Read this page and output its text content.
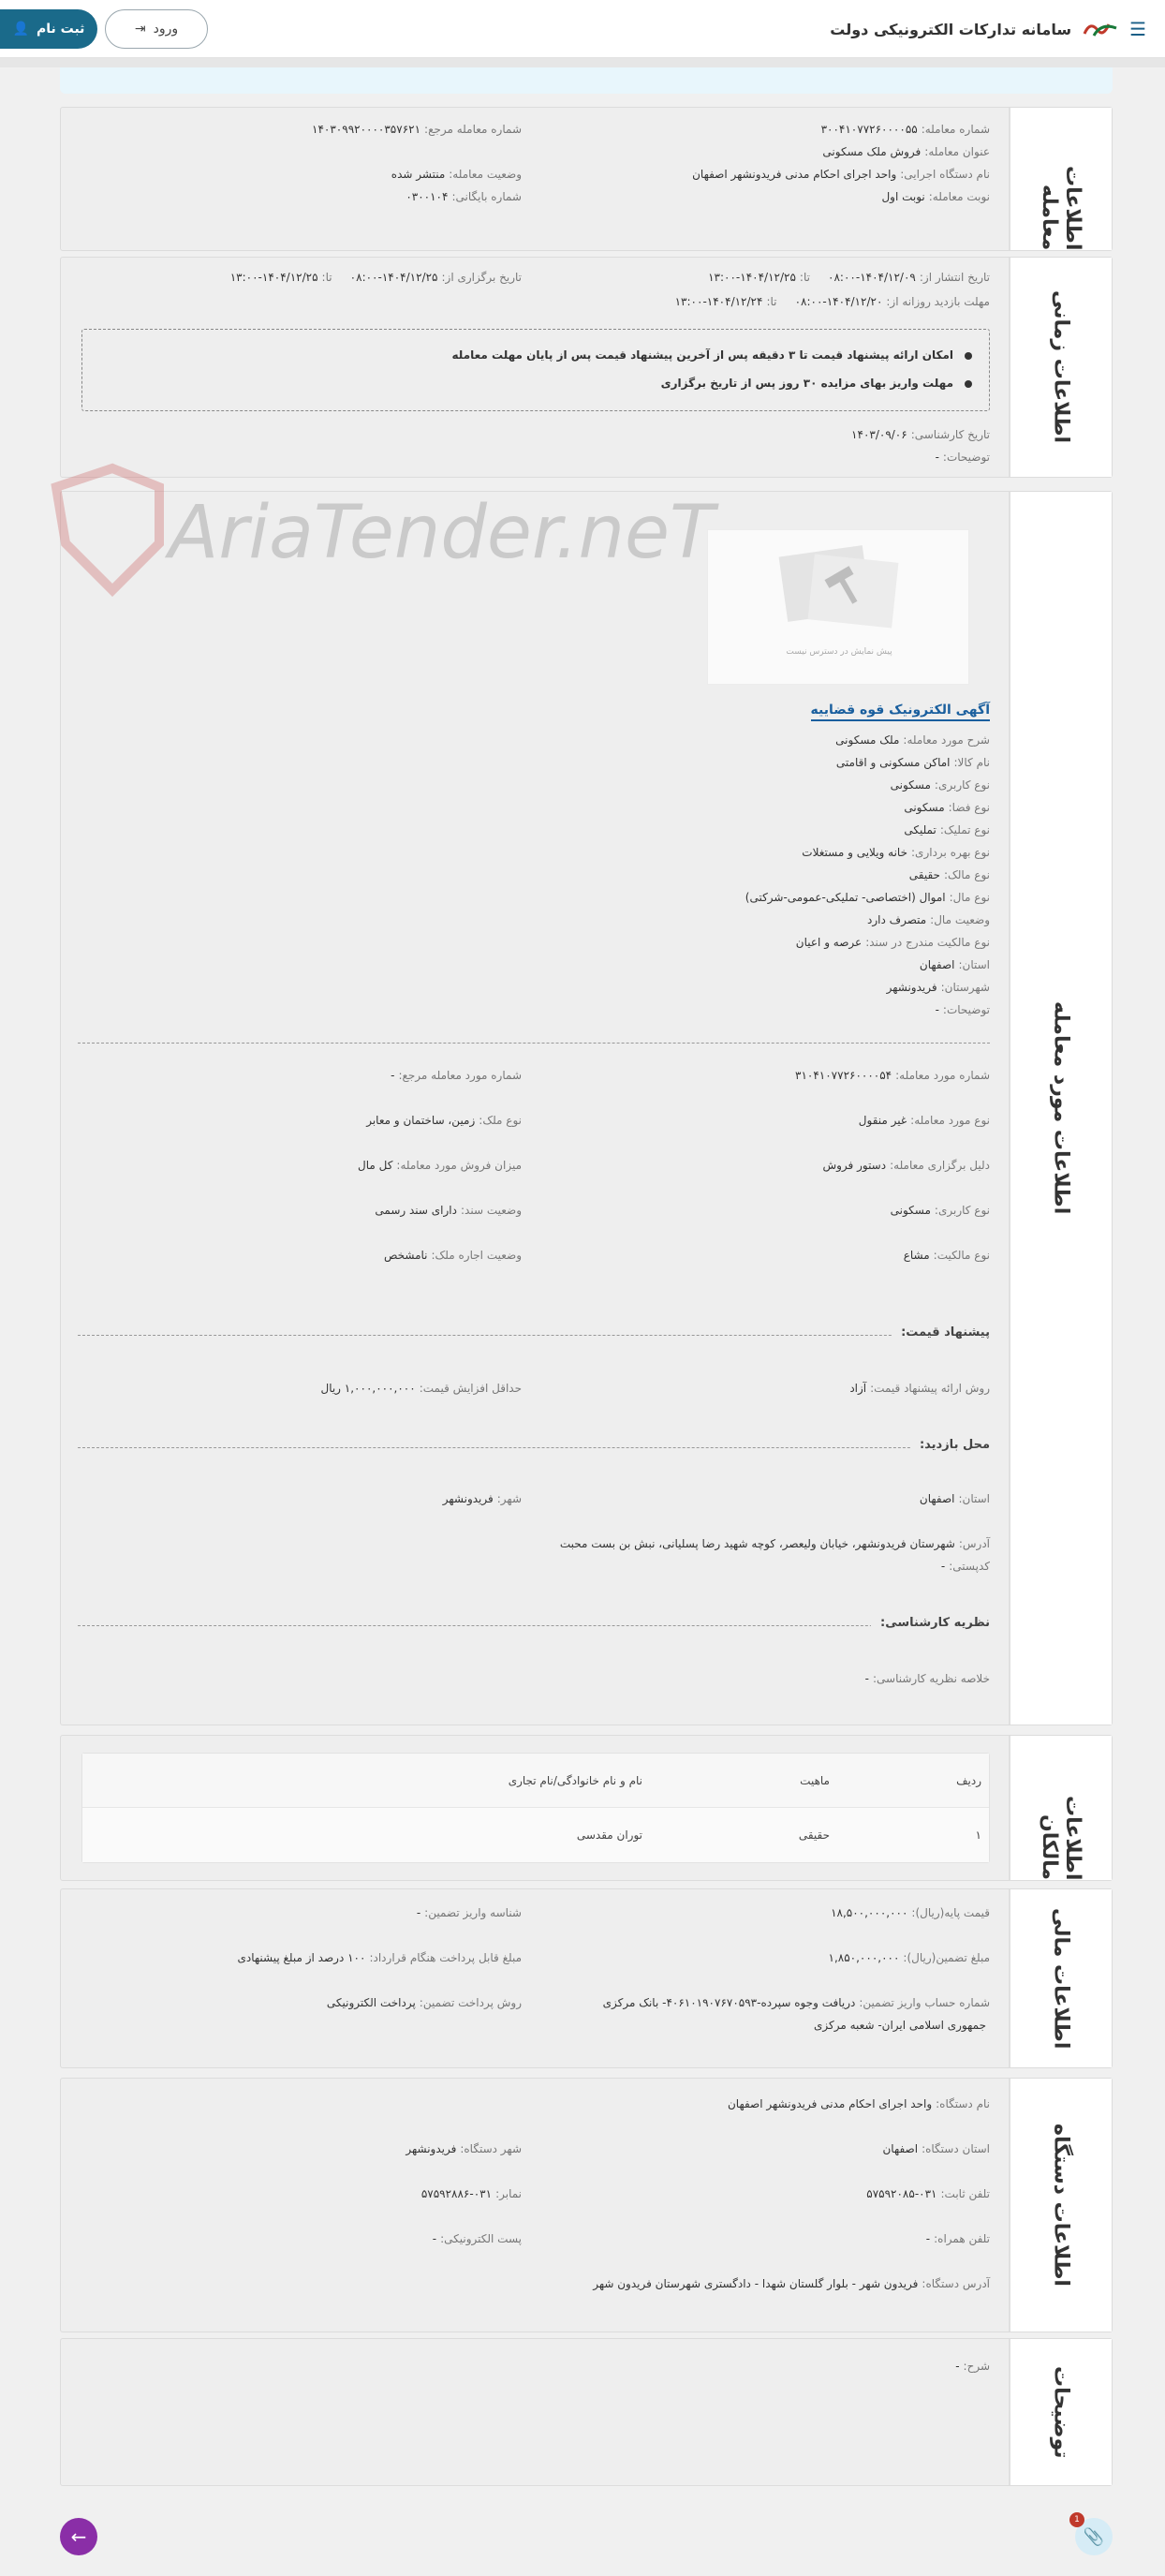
☰
سامانه تدارکات الکترونیکی دولت
👤 ثبت نام	⇥ ورود
اطلاعات معامله
شماره معامله:۳۰۰۴۱۰۷۷۲۶۰۰۰۰۵۵
شماره معامله مرجع:۱۴۰۳۰۹۹۲۰۰۰۰۳۵۷۶۲۱
عنوان معامله:فروش ملک مسکونی
نام دستگاه اجرایی:واحد اجرای احکام مدنی فریدونشهر اصفهان
وضعیت معامله:منتشر شده
نوبت معامله:نوبت اول
شماره بایگانی:۰۳۰۰۱۰۴
اطلاعات زمانی
تاریخ انتشار از:۱۴۰۴/۱۲/۰۹-۰۸:۰۰     تا:۱۴۰۴/۱۲/۲۵-۱۳:۰۰
تاریخ برگزاری از:۱۴۰۴/۱۲/۲۵-۰۸:۰۰     تا:۱۴۰۴/۱۲/۲۵-۱۳:۰۰
مهلت بازدید روزانه از:۱۴۰۴/۱۲/۲۰-۰۸:۰۰     تا:۱۴۰۴/۱۲/۲۴-۱۳:۰۰
امکان ارائه پیشنهاد قیمت تا ۳ دقیقه پس از آخرین پیشنهاد قیمت پس از پایان مهلت معامله
مهلت واریز بهای مزایده ۳۰ روز پس از تاریخ برگزاری
تاریخ کارشناسی:۱۴۰۳/۰۹/۰۶
توضیحات:-
اطلاعات مورد معامله
پیش نمایش در دسترس نیست
آگهی الکترونیک قوه قضاییه
شرح مورد معامله:ملک مسکونی
نام کالا:اماکن مسکونی و اقامتی
نوع کاربری:مسکونی
نوع فضا:مسکونی
نوع تملیک:تملیکی
نوع بهره برداری:خانه ویلایی و مستغلات
نوع مالک:حقیقی
نوع مال:اموال (اختصاصی- تملیکی-عمومی-شرکتی)
وضعیت مال:متصرف دارد
نوع مالکیت مندرج در سند:عرصه و اعیان
استان:اصفهان
شهرستان:فریدونشهر
توضیحات:-
شماره مورد معامله:۳۱۰۴۱۰۷۷۲۶۰۰۰۰۵۴
شماره مورد معامله مرجع:-
نوع مورد معامله:غیر منقول
نوع ملک:زمین، ساختمان و معابر
دلیل برگزاری معامله:دستور فروش
میزان فروش مورد معامله:کل مال
نوع کاربری:مسکونی
وضعیت سند:دارای سند رسمی
نوع مالکیت:مشاع
وضعیت اجاره ملک:نامشخص
پیشنهاد قیمت:
روش ارائه پیشنهاد قیمت:آزاد
حداقل افزایش قیمت:۱,۰۰۰,۰۰۰,۰۰۰ ریال
محل بازدید:
استان:اصفهان
شهر:فریدونشهر
آدرس:شهرستان فریدونشهر، خیابان ولیعصر، کوچه شهید رضا پسلیانی، نبش بن بست محبت
کدپستی:-
نظریه کارشناسی:
خلاصه نظریه کارشناسی:-
اطلاعات مالکان
ردیف
ماهیت
نام و نام خانوادگی/نام تجاری
۱
حقیقی
توران مقدسی
اطلاعات مالی
قیمت پایه(ریال):۱۸,۵۰۰,۰۰۰,۰۰۰
شناسه واریز تضمین:-
مبلغ تضمین(ریال):۱,۸۵۰,۰۰۰,۰۰۰
مبلغ قابل پرداخت هنگام قرارداد:۱۰۰ درصد از مبلغ پیشنهادی
شماره حساب واریز تضمین:دریافت وجوه سپرده-۴۰۶۱۰۱۹۰۷۶۷۰۵۹۳- بانک مرکزی
جمهوری اسلامی ایران- شعبه مرکزی
روش پرداخت تضمین:پرداخت الکترونیکی
اطلاعات دستگاه
نام دستگاه:واحد اجرای احکام مدنی فریدونشهر اصفهان
استان دستگاه:اصفهان
شهر دستگاه:فریدونشهر
تلفن ثابت:۰۳۱-۵۷۵۹۲۰۸۵
نمابر:۰۳۱-۵۷۵۹۲۸۸۶
تلفن همراه:-
پست الکترونیکی:-
آدرس دستگاه:فریدون شهر - بلوار گلستان شهدا - دادگستری شهرستان فریدون شهر
توضیحات
شرح:-
AriaTender.neT
←	📎
1
